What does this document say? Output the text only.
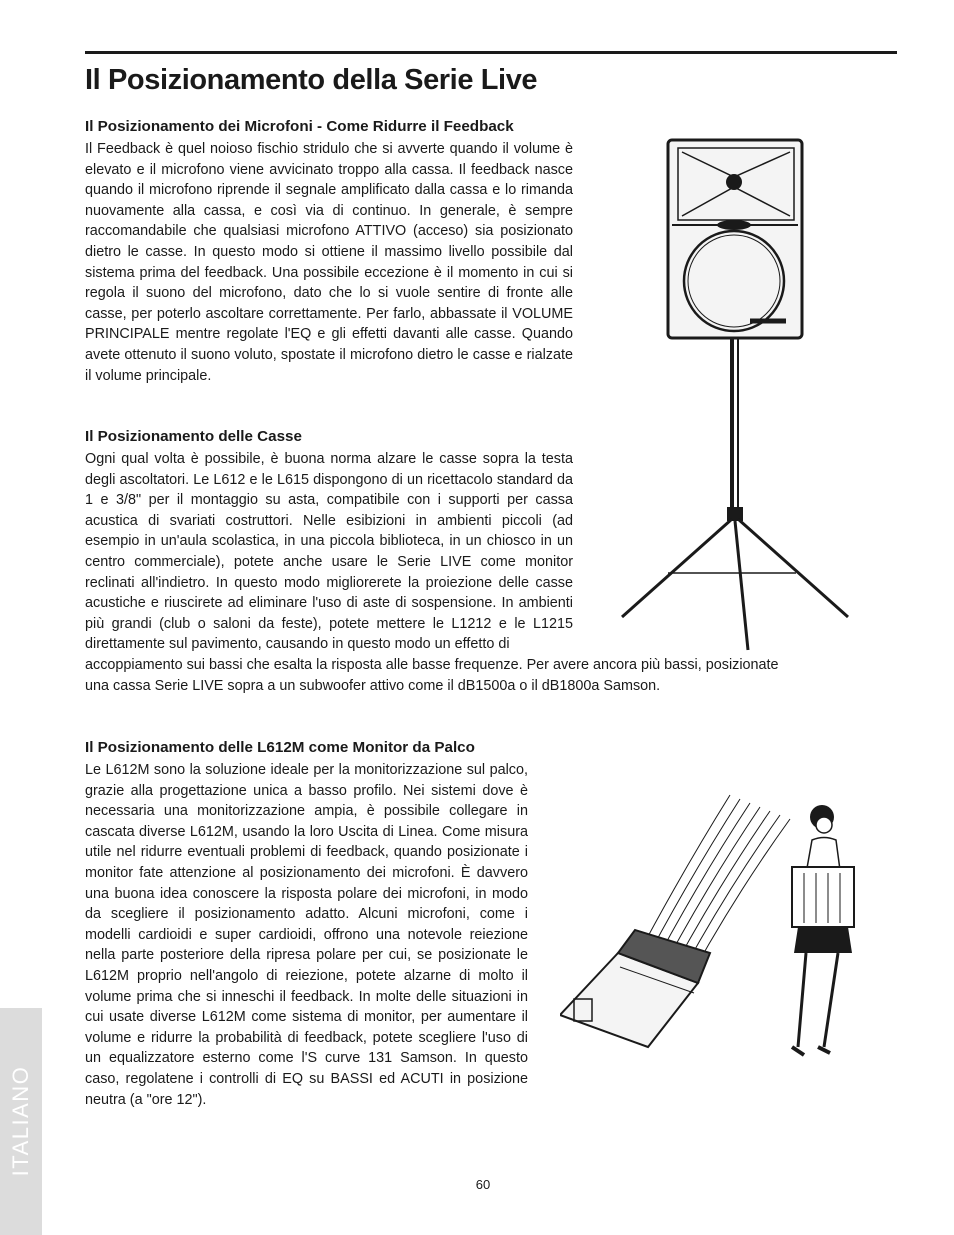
Il Posizionamento della Serie Live
Il Posizionamento dei Microfoni - Come Ridurre il Feedback

Il Feedback è quel noioso fischio stridulo che si avverte quando il volume è elevato e il microfono viene avvicinato troppo alla cassa. Il feedback nasce quando il microfono riprende il segnale amplificato dalla cassa e lo rimanda nuovamente alla cassa, e così via di continuo. In generale, è sempre raccomandabile che qualsiasi microfono ATTIVO (acceso) sia posizionato dietro le casse. In questo modo si ottiene il massimo livello possibile dal sistema prima del feedback. Una possibile eccezione è il momento in cui si regola il suono del microfono, dato che lo si vuole sentire di fronte alle casse, per poterlo ascoltare correttamente. Per farlo, abbassate il VOLUME PRINCIPALE mentre regolate l'EQ e gli effetti davanti alle casse. Quando avete ottenuto il suono voluto, spostate il microfono dietro le casse e rialzate il volume principale.

Il Posizionamento delle Casse

Ogni qual volta è possibile, è buona norma alzare le casse sopra la testa degli ascoltatori. Le L612 e le L615 dispongono di un ricettacolo standard da 1 e 3/8" per il montaggio su asta, compatibile con i supporti per cassa acustica di svariati costruttori. Nelle esibizioni in ambienti piccoli (ad esempio in un'aula scolastica, in una piccola biblioteca, in un chiosco in un centro commerciale), potete anche usare le Serie LIVE come monitor reclinati all'indietro. In questo modo migliorerete la proiezione delle casse acustiche e riuscirete ad eliminare l'uso di aste di sospensione. In ambienti più grandi (club o saloni da feste), potete mettere le L1212 e le L1215 direttamente sul pavimento, causando in questo modo un effetto di

accoppiamento sui bassi che esalta la risposta alle basse frequenze. Per avere ancora più bassi, posizionate
una cassa Serie LIVE sopra a un subwoofer attivo come il dB1500a o il dB1800a Samson.

Il Posizionamento delle L612M come Monitor da Palco

Le L612M sono la soluzione ideale per la monitorizzazione sul palco, grazie alla progettazione unica a basso profilo. Nei sistemi dove è necessaria una monitorizzazione ampia, è possibile collegare in cascata diverse L612M, usando la loro Uscita di Linea. Come misura utile nel ridurre eventuali problemi di feedback, quando posizionate i monitor fate attenzione al posizionamento dei microfoni. È davvero una buona idea conoscere la risposta polare dei microfoni, in modo da scegliere il posizionamento adatto. Alcuni microfoni, come i modelli cardioidi e super cardioidi, offrono una notevole reiezione nella parte posteriore della ripresa polare per cui, se posizionate le L612M proprio nell'angolo di reiezione, potete alzarne di molto il volume prima che si inneschi il feedback. In molte delle situazioni in cui usate diverse L612M come sistema di monitor, per aumentare il volume e ridurre la probabilità di feedback, potete scegliere l'uso di un equalizzatore esterno come l'S curve 131 Samson. In questo caso, regolatene i controlli di EQ su BASSI ed ACUTI in posizione neutra (a "ore 12").

ITALIANO
60
